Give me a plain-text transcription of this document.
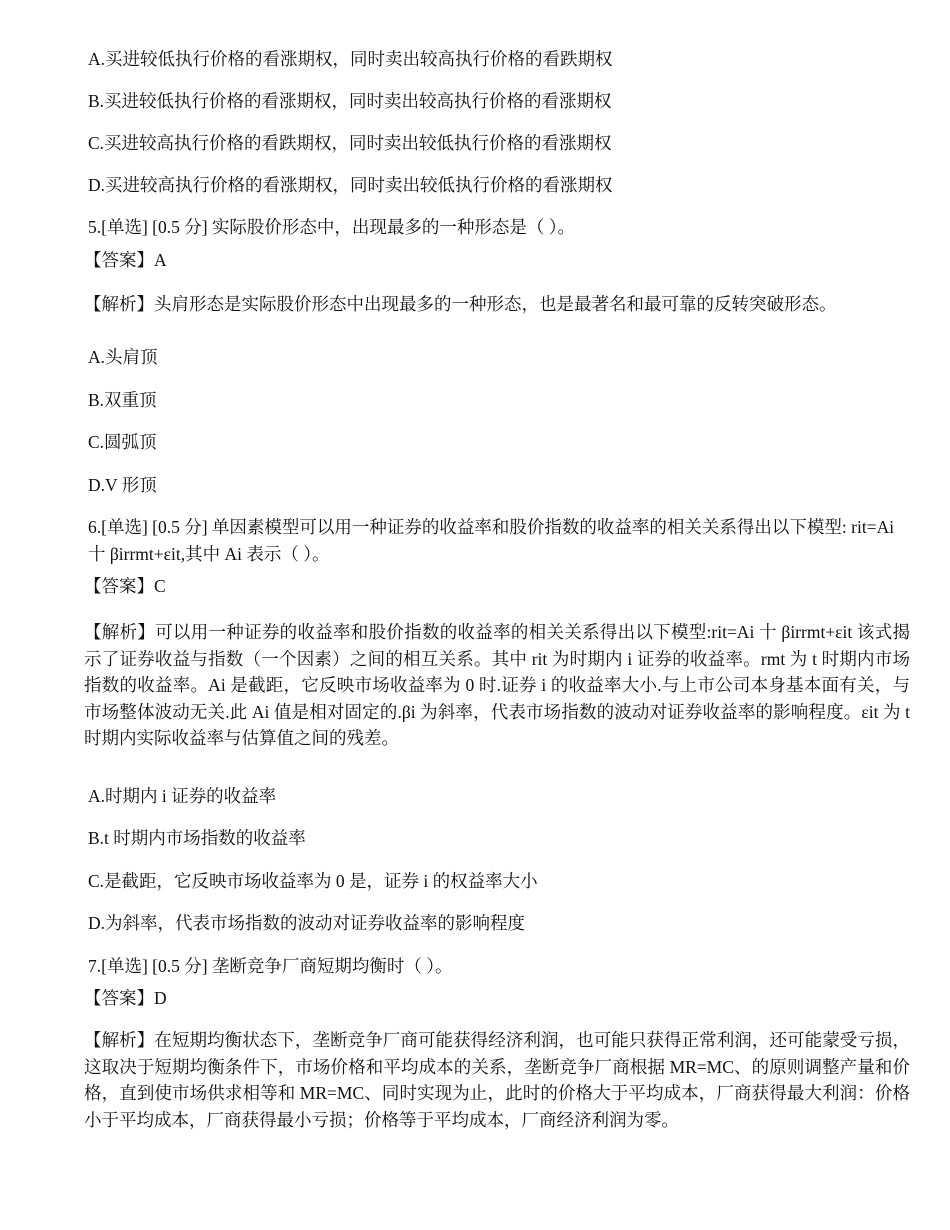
A.买进较低执行价格的看涨期权，同时卖出较高执行价格的看跌期权
B.买进较低执行价格的看涨期权，同时卖出较高执行价格的看涨期权
C.买进较高执行价格的看跌期权，同时卖出较低执行价格的看涨期权
D.买进较高执行价格的看涨期权，同时卖出较低执行价格的看涨期权
5.[单选] [0.5 分] 实际股价形态中，出现最多的一种形态是（ ）。
【答案】A
【解析】头肩形态是实际股价形态中出现最多的一种形态，也是最著名和最可靠的反转突破形态。
A.头肩顶
B.双重顶
C.圆弧顶
D.V 形顶
6.[单选] [0.5 分] 单因素模型可以用一种证券的收益率和股价指数的收益率的相关关系得出以下模型: rit=Ai 十 βirrmt+εit,其中 Ai 表示（ ）。
【答案】C
【解析】可以用一种证券的收益率和股价指数的收益率的相关关系得出以下模型:rit=Ai 十 βirrmt+εit 该式揭示了证券收益与指数（一个因素）之间的相互关系。其中 rit 为时期内 i 证券的收益率。rmt 为 t 时期内市场指数的收益率。Ai 是截距，它反映市场收益率为 0 时.证券 i 的收益率大小.与上市公司本身基本面有关，与市场整体波动无关.此 Ai 值是相对固定的.βi 为斜率，代表市场指数的波动对证券收益率的影响程度。εit 为 t 时期内实际收益率与估算值之间的残差。
A.时期内 i 证券的收益率
B.t 时期内市场指数的收益率
C.是截距，它反映市场收益率为 0 是，证券 i 的权益率大小
D.为斜率，代表市场指数的波动对证券收益率的影响程度
7.[单选] [0.5 分] 垄断竞争厂商短期均衡时（ ）。
【答案】D
【解析】在短期均衡状态下，垄断竞争厂商可能获得经济利润，也可能只获得正常利润，还可能蒙受亏损，这取决于短期均衡条件下，市场价格和平均成本的关系，垄断竞争厂商根据 MR=MC、的原则调整产量和价格，直到使市场供求相等和 MR=MC、同时实现为止，此时的价格大于平均成本，厂商获得最大利润：价格小于平均成本，厂商获得最小亏损；价格等于平均成本，厂商经济利润为零。
